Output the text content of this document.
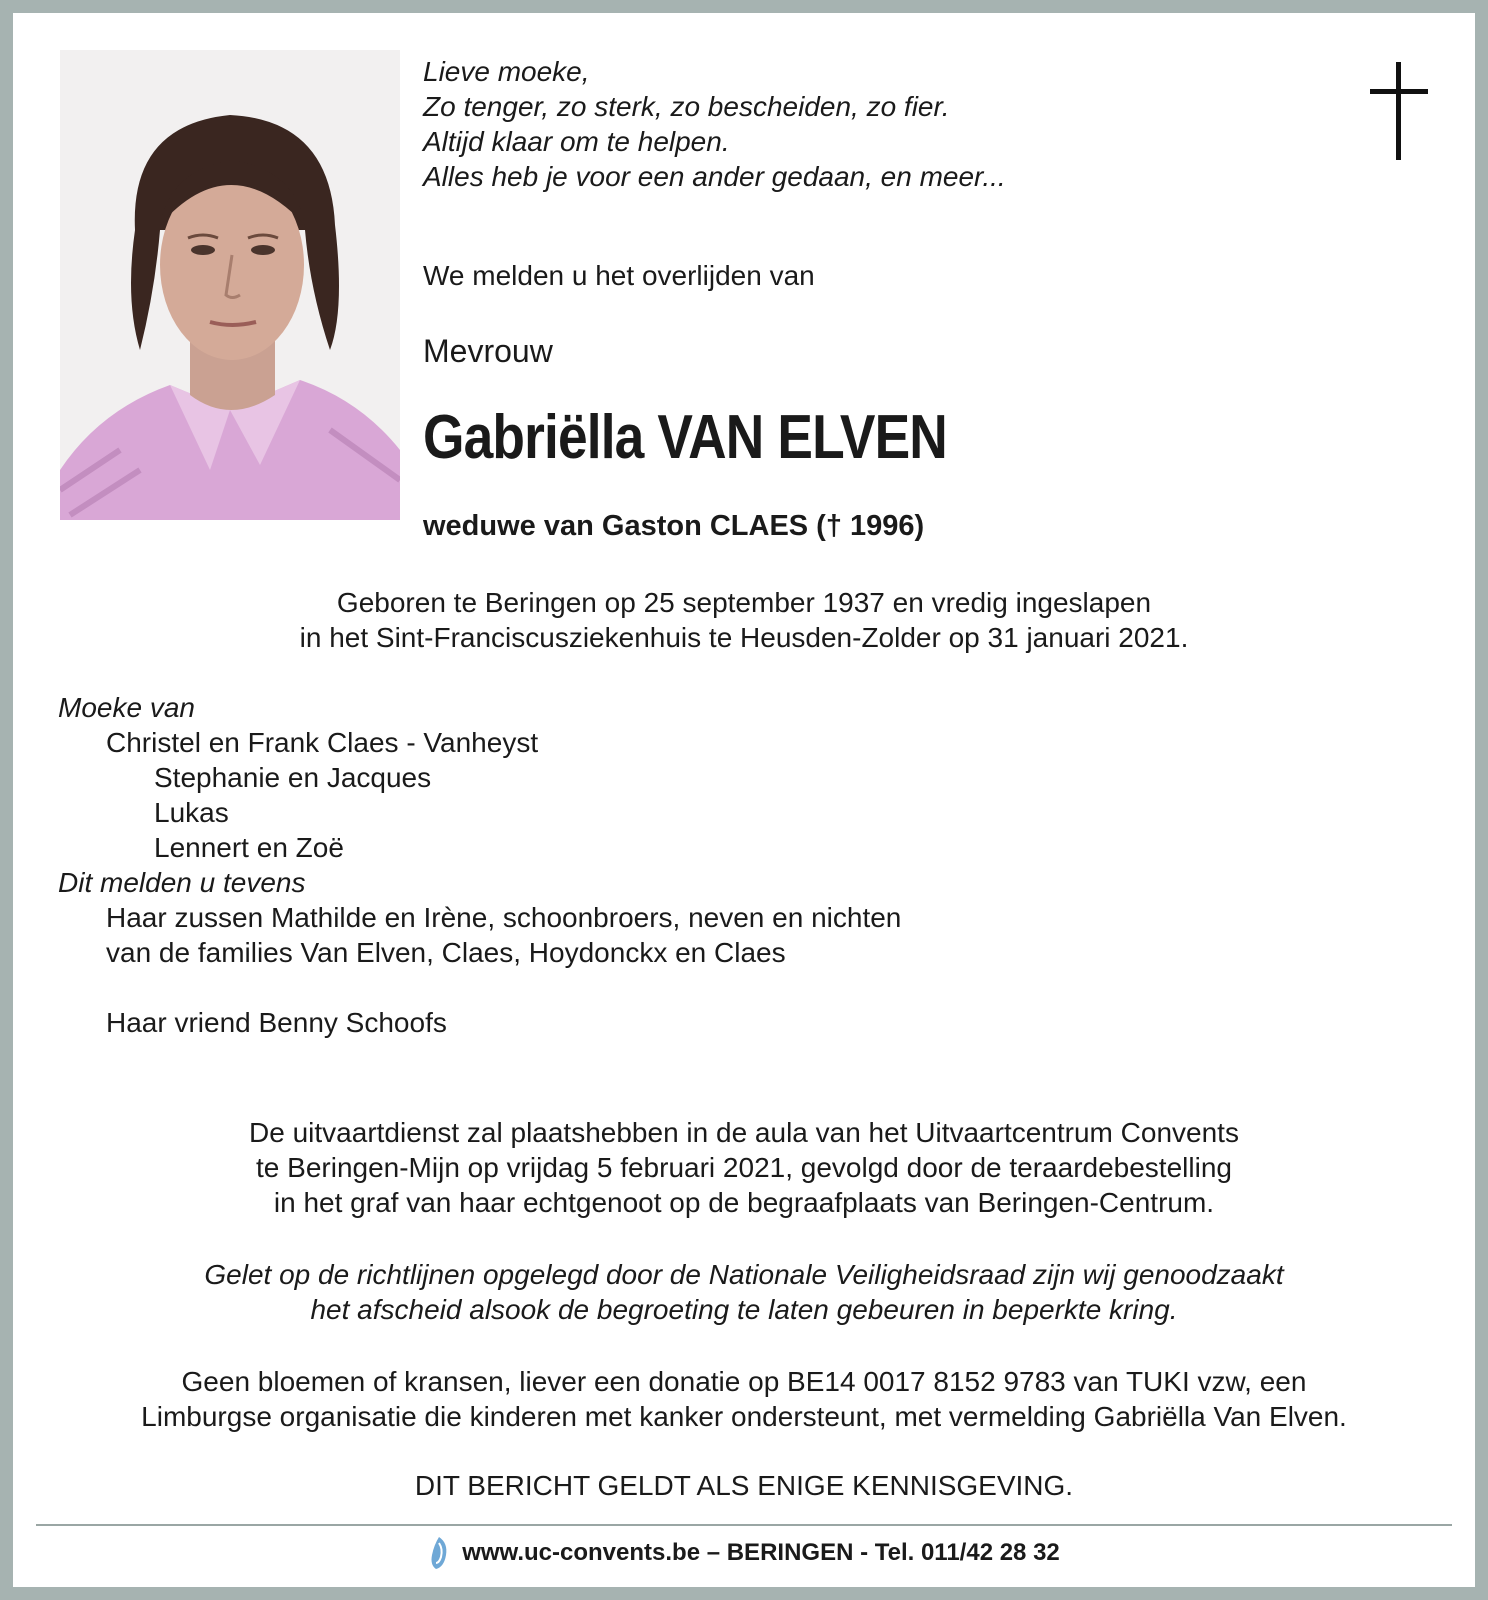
Lieve moeke,
Zo tenger, zo sterk, zo bescheiden, zo fier.
Altijd klaar om te helpen.
Alles heb je voor een ander gedaan, en meer...
We melden u het overlijden van
Mevrouw
Gabriëlla VAN ELVEN
weduwe van Gaston CLAES († 1996)
Geboren te Beringen op 25 september 1937 en vredig ingeslapen
in het Sint-Franciscusziekenhuis te Heusden-Zolder op 31 januari 2021.
Moeke van
Christel en Frank Claes - Vanheyst
Stephanie en Jacques
Lukas
Lennert en Zoë
Dit melden u tevens
Haar zussen Mathilde en Irène, schoonbroers, neven en nichten
van de families Van Elven, Claes, Hoydonckx en Claes
Haar vriend Benny Schoofs
De uitvaartdienst zal plaatshebben in de aula van het Uitvaartcentrum Convents
te Beringen-Mijn op vrijdag 5 februari 2021, gevolgd door de teraardebestelling
in het graf van haar echtgenoot op de begraafplaats van Beringen-Centrum.
Gelet op de richtlijnen opgelegd door de Nationale Veiligheidsraad zijn wij genoodzaakt
het afscheid alsook de begroeting te laten gebeuren in beperkte kring.
Geen bloemen of kransen, liever een donatie op BE14 0017 8152 9783 van TUKI vzw, een
Limburgse organisatie die kinderen met kanker ondersteunt, met vermelding Gabriëlla Van Elven.
DIT BERICHT GELDT ALS ENIGE KENNISGEVING.
www.uc-convents.be – BERINGEN - Tel. 011/42 28 32
